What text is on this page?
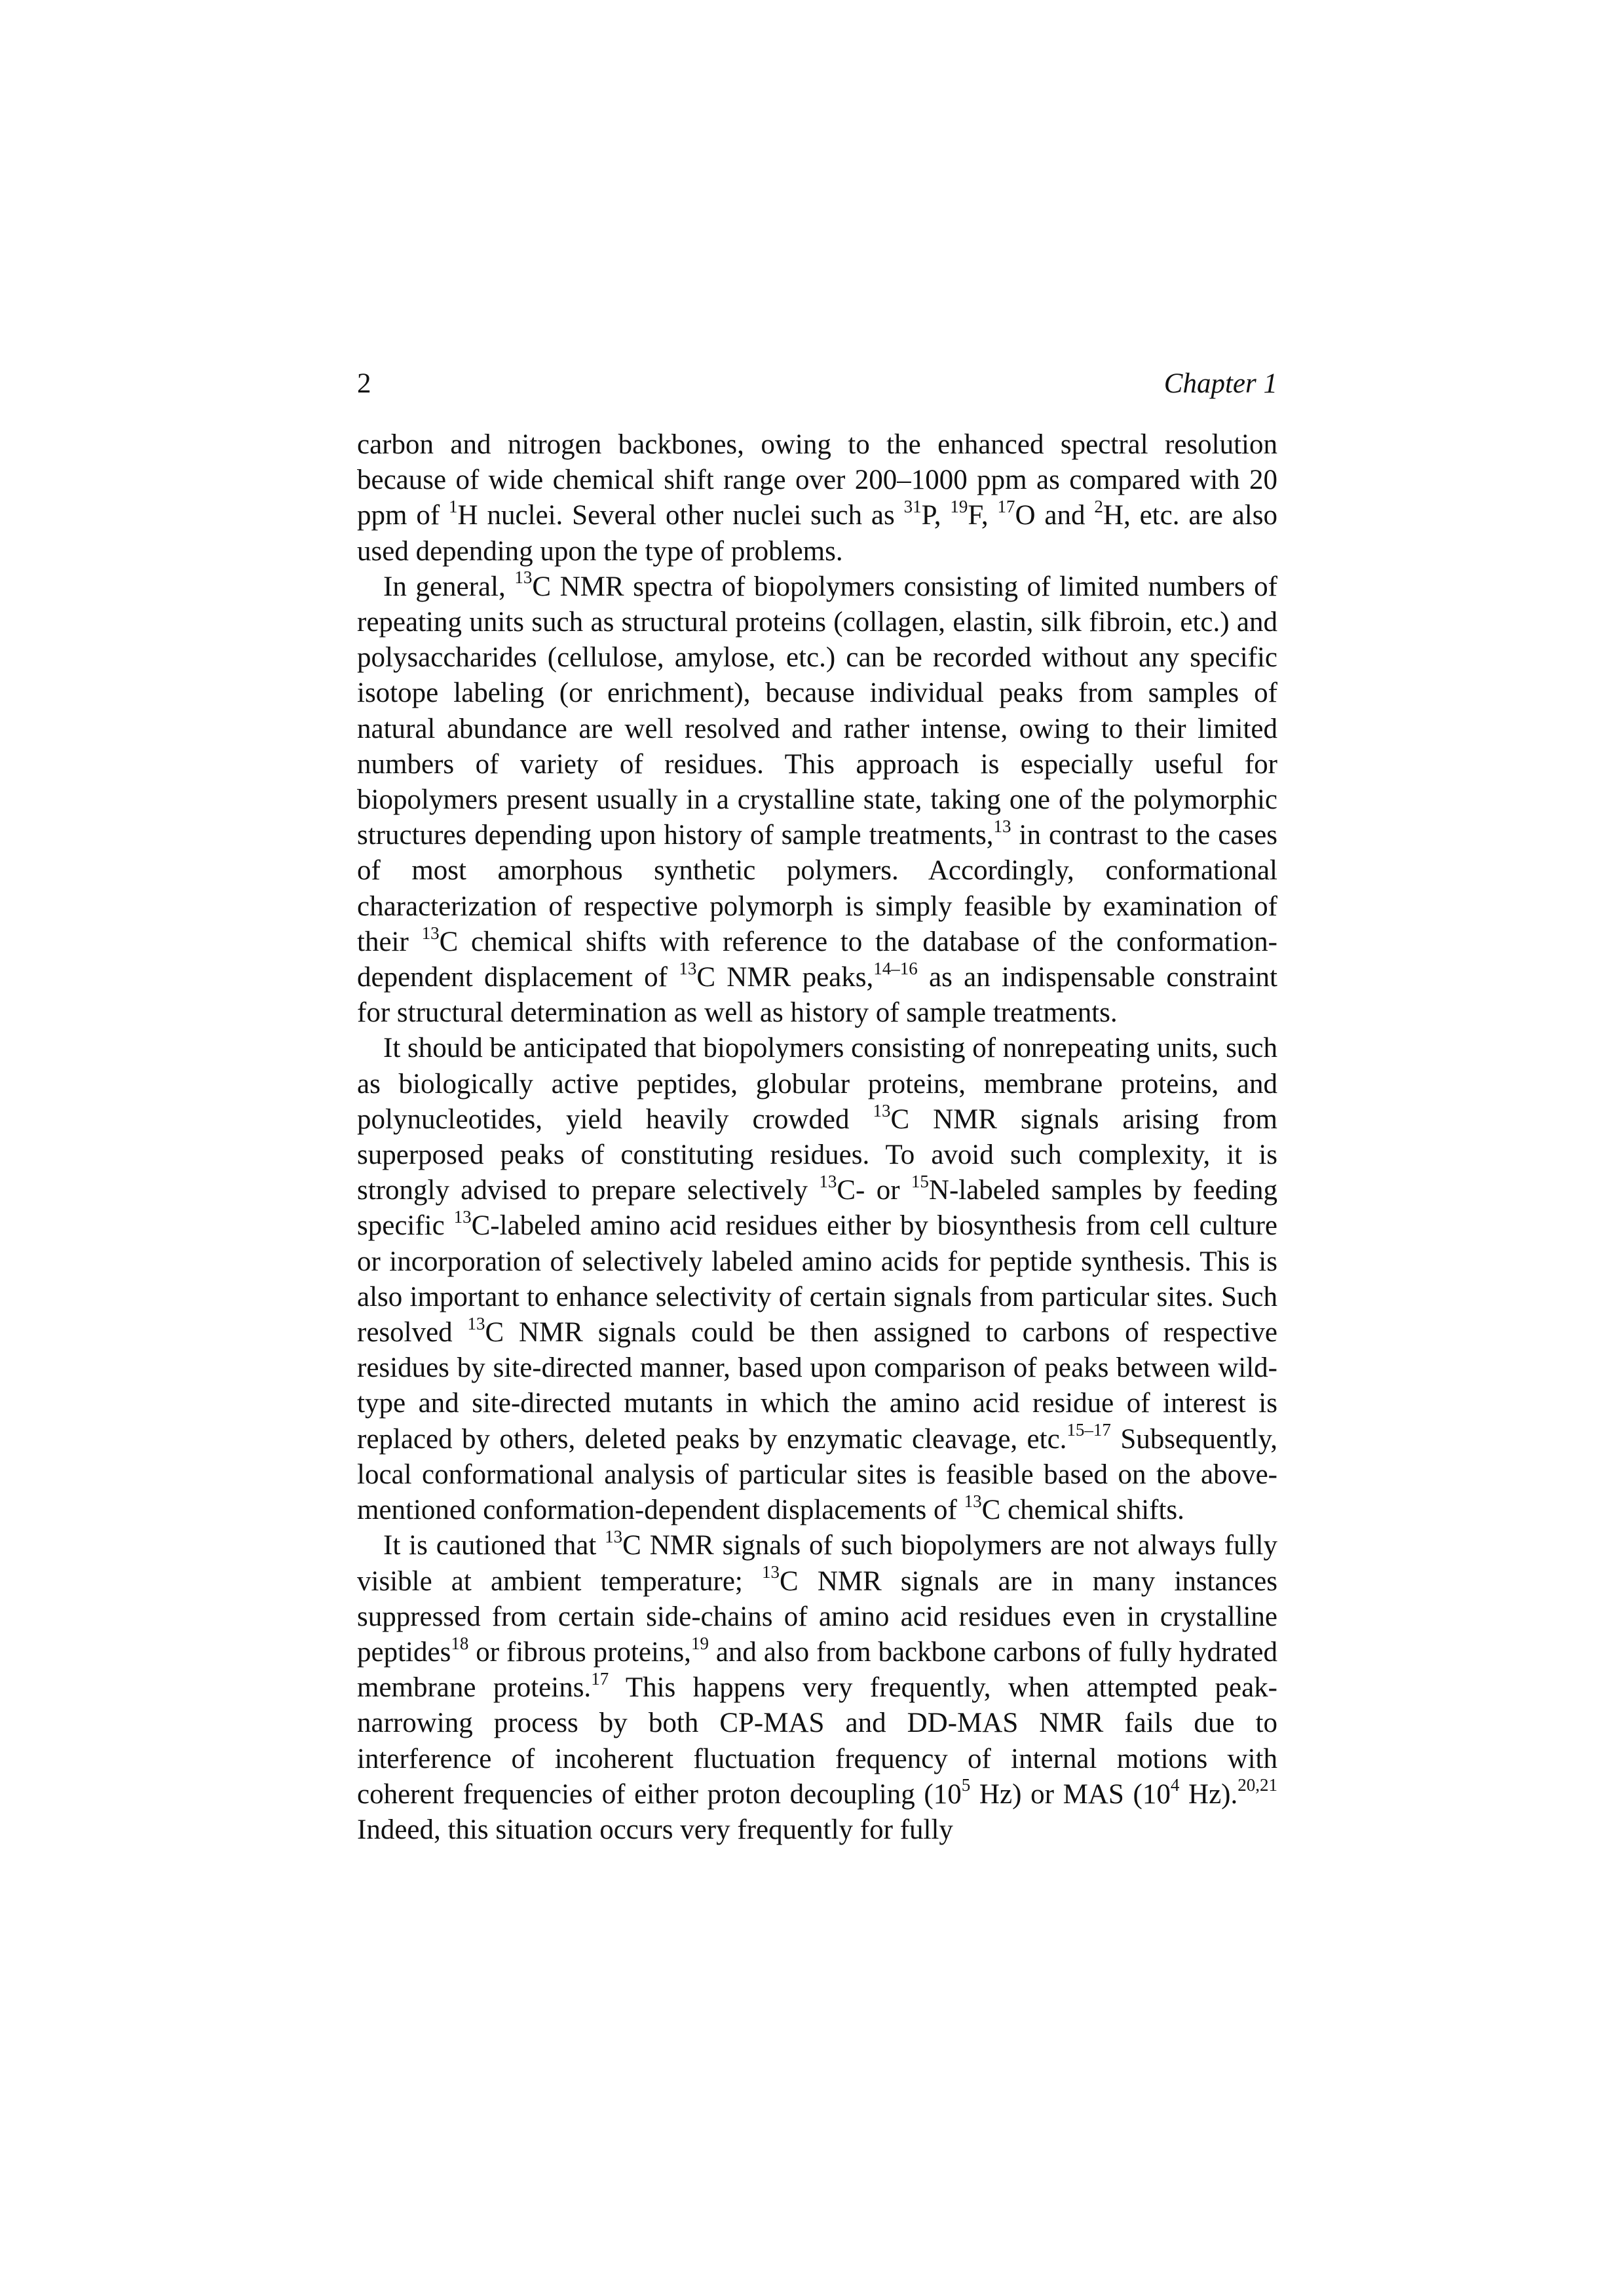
2	Chapter 1

carbon and nitrogen backbones, owing to the enhanced spectral resolution because of wide chemical shift range over 200–1000 ppm as compared with 20 ppm of $^1$H nuclei. Several other nuclei such as $^{31}$P, $^{19}$F, $^{17}$O and $^2$H, etc. are also used depending upon the type of problems.

In general, $^{13}$C NMR spectra of biopolymers consisting of limited numbers of repeating units such as structural proteins (collagen, elastin, silk fibroin, etc.) and polysaccharides (cellulose, amylose, etc.) can be recorded without any specific isotope labeling (or enrichment), because individual peaks from samples of natural abundance are well resolved and rather intense, owing to their limited numbers of variety of residues. This approach is especially useful for biopolymers present usually in a crystalline state, taking one of the polymorphic structures depending upon history of sample treatments,$^{13}$ in contrast to the cases of most amorphous synthetic polymers. Accordingly, conformational characterization of respective polymorph is simply feasible by examination of their $^{13}$C chemical shifts with reference to the database of the conformation-dependent displacement of $^{13}$C NMR peaks,$^{14-16}$ as an indispensable constraint for structural determination as well as history of sample treatments.

It should be anticipated that biopolymers consisting of nonrepeating units, such as biologically active peptides, globular proteins, membrane proteins, and polynucleotides, yield heavily crowded $^{13}$C NMR signals arising from superposed peaks of constituting residues. To avoid such complexity, it is strongly advised to prepare selectively $^{13}$C- or $^{15}$N-labeled samples by feeding specific $^{13}$C-labeled amino acid residues either by biosynthesis from cell culture or incorporation of selectively labeled amino acids for peptide synthesis. This is also important to enhance selectivity of certain signals from particular sites. Such resolved $^{13}$C NMR signals could be then assigned to carbons of respective residues by site-directed manner, based upon comparison of peaks between wild-type and site-directed mutants in which the amino acid residue of interest is replaced by others, deleted peaks by enzymatic cleavage, etc.$^{15-17}$ Subsequently, local conformational analysis of particular sites is feasible based on the above-mentioned conformation-dependent displacements of $^{13}$C chemical shifts.

It is cautioned that $^{13}$C NMR signals of such biopolymers are not always fully visible at ambient temperature; $^{13}$C NMR signals are in many instances suppressed from certain side-chains of amino acid residues even in crystalline peptides$^{18}$ or fibrous proteins,$^{19}$ and also from backbone carbons of fully hydrated membrane proteins.$^{17}$ This happens very frequently, when attempted peak-narrowing process by both CP-MAS and DD-MAS NMR fails due to interference of incoherent fluctuation frequency of internal motions with coherent frequencies of either proton decoupling ($10^5$ Hz) or MAS ($10^4$ Hz).$^{20,21}$ Indeed, this situation occurs very frequently for fully
